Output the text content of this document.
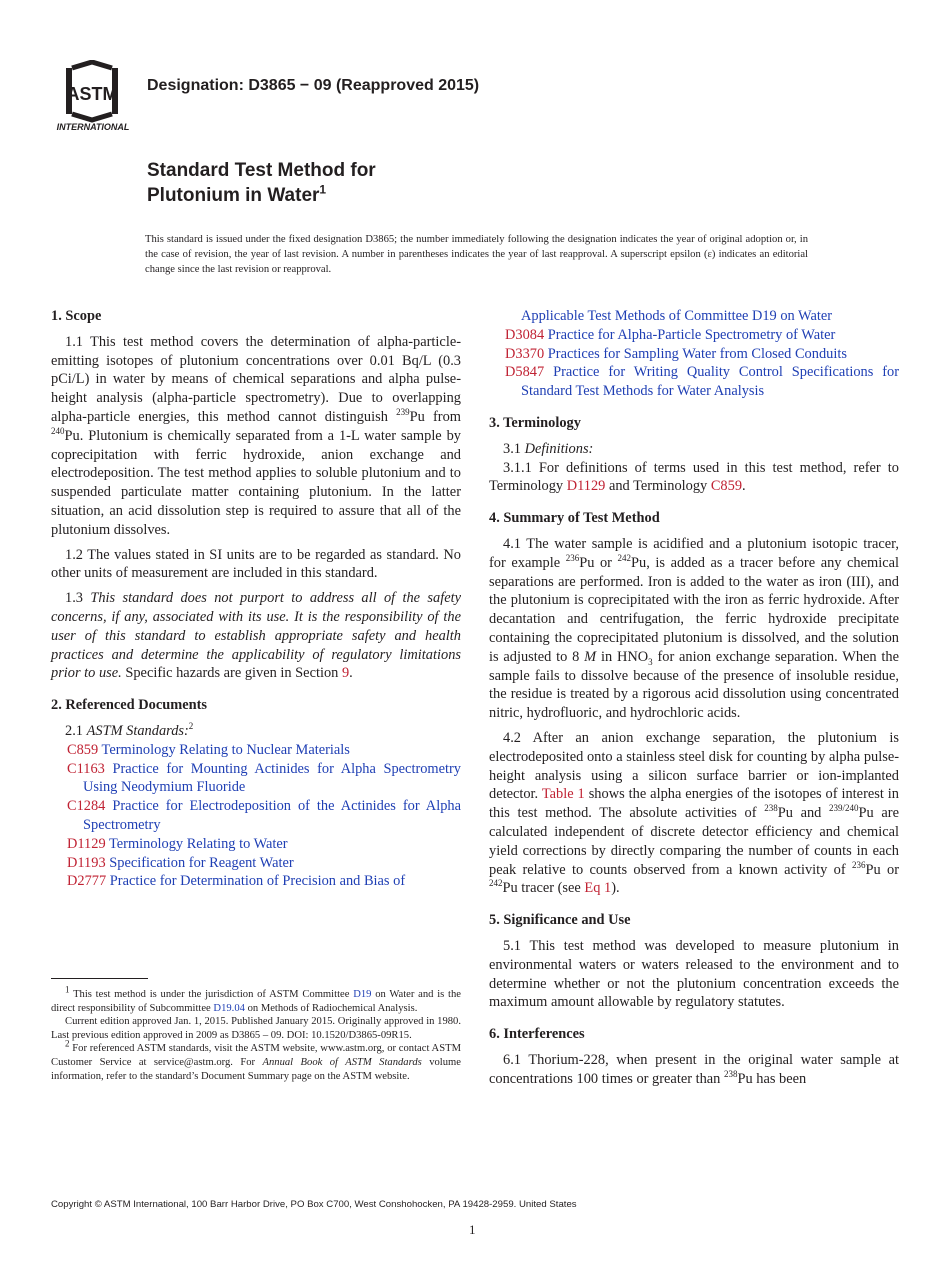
ASTM
INTERNATIONAL
Designation: D3865 − 09 (Reapproved 2015)
Standard Test Method for
Plutonium in Water$^1$
This standard is issued under the fixed designation D3865; the number immediately following the designation indicates the year of original adoption or, in the case of revision, the year of last revision. A number in parentheses indicates the year of last reapproval. A superscript epsilon (ε) indicates an editorial change since the last revision or reapproval.

1. Scope

1.1 This test method covers the determination of alpha-particle-emitting isotopes of plutonium concentrations over 0.01 Bq/L (0.3 pCi/L) in water by means of chemical separations and alpha pulse-height analysis (alpha-particle spectrometry). Due to overlapping alpha-particle energies, this method cannot distinguish $^{239}$Pu from $^{240}$Pu. Plutonium is chemically separated from a 1-L water sample by coprecipitation with ferric hydroxide, anion exchange and electrodeposition. The test method applies to soluble plutonium and to suspended particulate matter containing plutonium. In the latter situation, an acid dissolution step is required to assure that all of the plutonium dissolves.

1.2 The values stated in SI units are to be regarded as standard. No other units of measurement are included in this standard.

1.3 This standard does not purport to address all of the safety concerns, if any, associated with its use. It is the responsibility of the user of this standard to establish appropriate safety and health practices and determine the applicability of regulatory limitations prior to use. Specific hazards are given in Section 9.

2. Referenced Documents

2.1 ASTM Standards:$^2$

C859 Terminology Relating to Nuclear Materials

C1163 Practice for Mounting Actinides for Alpha Spectrometry Using Neodymium Fluoride

C1284 Practice for Electrodeposition of the Actinides for Alpha Spectrometry

D1129 Terminology Relating to Water

D1193 Specification for Reagent Water

D2777 Practice for Determination of Precision and Bias of

$^1$ This test method is under the jurisdiction of ASTM Committee D19 on Water and is the direct responsibility of Subcommittee D19.04 on Methods of Radiochemical Analysis.

Current edition approved Jan. 1, 2015. Published January 2015. Originally approved in 1980. Last previous edition approved in 2009 as D3865 – 09. DOI: 10.1520/D3865-09R15.

$^2$ For referenced ASTM standards, visit the ASTM website, www.astm.org, or contact ASTM Customer Service at service@astm.org. For Annual Book of ASTM Standards volume information, refer to the standard’s Document Summary page on the ASTM website.

Applicable Test Methods of Committee D19 on Water

D3084 Practice for Alpha-Particle Spectrometry of Water

D3370 Practices for Sampling Water from Closed Conduits

D5847 Practice for Writing Quality Control Specifications for Standard Test Methods for Water Analysis

3. Terminology

3.1 Definitions:

3.1.1 For definitions of terms used in this test method, refer to Terminology D1129 and Terminology C859.

4. Summary of Test Method

4.1 The water sample is acidified and a plutonium isotopic tracer, for example $^{236}$Pu or $^{242}$Pu, is added as a tracer before any chemical separations are performed. Iron is added to the water as iron (III), and the plutonium is coprecipitated with the iron as ferric hydroxide. After decantation and centrifugation, the ferric hydroxide precipitate containing the coprecipitated plutonium is dissolved, and the solution is adjusted to 8 M in $HNO_3$ for anion exchange separation. When the sample fails to dissolve because of the presence of insoluble residue, the residue is treated by a rigorous acid dissolution using concentrated nitric, hydrofluoric, and hydrochloric acids.

4.2 After an anion exchange separation, the plutonium is electrodeposited onto a stainless steel disk for counting by alpha pulse-height analysis using a silicon surface barrier or ion-implanted detector. Table 1 shows the alpha energies of the isotopes of interest in this test method. The absolute activities of $^{238}$Pu and $^{239/240}$Pu are calculated independent of discrete detector efficiency and chemical yield corrections by directly comparing the number of counts in each peak relative to counts observed from a known activity of $^{236}$Pu or $^{242}$Pu tracer (see Eq 1).

5. Significance and Use

5.1 This test method was developed to measure plutonium in environmental waters or waters released to the environment and to determine whether or not the plutonium concentration exceeds the maximum amount allowable by regulatory statutes.

6. Interferences

6.1 Thorium-228, when present in the original water sample at concentrations 100 times or greater than $^{238}$Pu has been

Copyright © ASTM International, 100 Barr Harbor Drive, PO Box C700, West Conshohocken, PA 19428-2959. United States
1
